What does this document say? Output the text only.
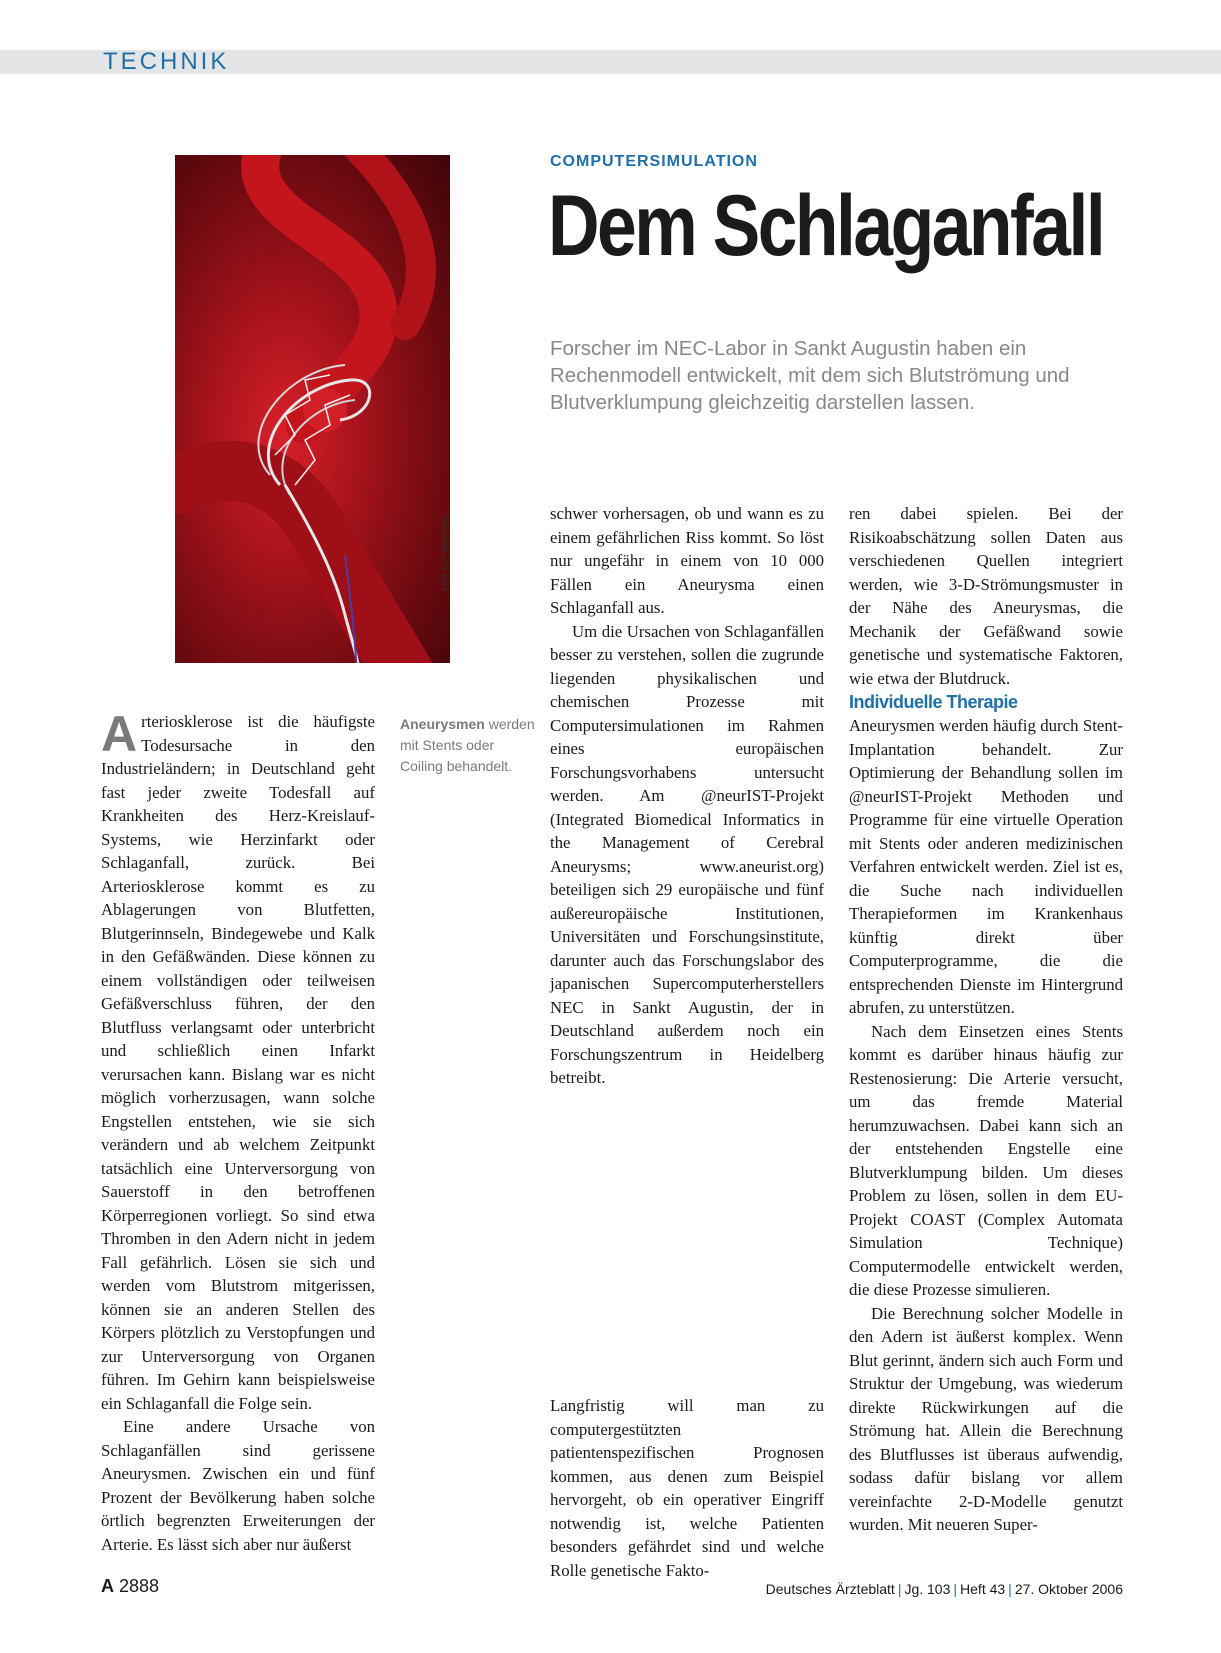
TECHNIK
Foto: UPF Barcelona
Aneurysmen werden mit Stents oder Coiling behandelt.
COMPUTERSIMULATION
Dem Schlaganfall
Forscher im NEC-Labor in Sankt Augustin haben ein Rechenmodell entwickelt, mit dem sich Blutströmung und Blutverklumpung gleichzeitig darstellen lassen.

Arteriosklerose ist die häufigste Todesursache in den Industrieländern; in Deutschland geht fast jeder zweite Todesfall auf Krankheiten des Herz-Kreislauf-Systems, wie Herzinfarkt oder Schlaganfall, zurück. Bei Arteriosklerose kommt es zu Ablagerungen von Blutfetten, Blutgerinnseln, Bindegewebe und Kalk in den Gefäßwänden. Diese können zu einem vollständigen oder teilweisen Gefäßverschluss führen, der den Blutfluss verlangsamt oder unterbricht und schließlich einen Infarkt verursachen kann. Bislang war es nicht möglich vorherzusagen, wann solche Engstellen entstehen, wie sie sich verändern und ab welchem Zeitpunkt tatsächlich eine Unterversorgung von Sauerstoff in den betroffenen Körperregionen vorliegt. So sind etwa Thromben in den Adern nicht in jedem Fall gefährlich. Lösen sie sich und werden vom Blutstrom mitgerissen, können sie an anderen Stellen des Körpers plötzlich zu Verstopfungen und zur Unterversorgung von Organen führen. Im Gehirn kann beispielsweise ein Schlaganfall die Folge sein.

Eine andere Ursache von Schlaganfällen sind gerissene Aneurysmen. Zwischen ein und fünf Prozent der Bevölkerung haben solche örtlich begrenzten Erweiterungen der Arterie. Es lässt sich aber nur äußerst

schwer vorhersagen, ob und wann es zu einem gefährlichen Riss kommt. So löst nur ungefähr in einem von 10 000 Fällen ein Aneurysma einen Schlaganfall aus.

Um die Ursachen von Schlaganfällen besser zu verstehen, sollen die zugrunde liegenden physikalischen und chemischen Prozesse mit Computersimulationen im Rahmen eines europäischen Forschungsvorhabens untersucht werden. Am @neurIST-Projekt (Integrated Biomedical Informatics in the Management of Cerebral Aneurysms; www.aneurist.org) beteiligen sich 29 europäische und fünf außereuropäische Institutionen, Universitäten und Forschungsinstitute, darunter auch das Forschungslabor des japanischen Supercomputerherstellers NEC in Sankt Augustin, der in Deutschland außerdem noch ein Forschungszentrum in Heidelberg betreibt.

Langfristig will man zu computergestützten patientenspezifischen Prognosen kommen, aus denen zum Beispiel hervorgeht, ob ein operativer Eingriff notwendig ist, welche Patienten besonders gefährdet sind und welche Rolle genetische Fakto-

ren dabei spielen. Bei der Risikoabschätzung sollen Daten aus verschiedenen Quellen integriert werden, wie 3-D-Strömungsmuster in der Nähe des Aneurysmas, die Mechanik der Gefäßwand sowie genetische und systematische Faktoren, wie etwa der Blutdruck.

Individuelle Therapie

Aneurysmen werden häufig durch Stent-Implantation behandelt. Zur Optimierung der Behandlung sollen im @neurIST-Projekt Methoden und Programme für eine virtuelle Operation mit Stents oder anderen medizinischen Verfahren entwickelt werden. Ziel ist es, die Suche nach individuellen Therapieformen im Krankenhaus künftig direkt über Computerprogramme, die die entsprechenden Dienste im Hintergrund abrufen, zu unterstützen.

Nach dem Einsetzen eines Stents kommt es darüber hinaus häufig zur Restenosierung: Die Arterie versucht, um das fremde Material herumzuwachsen. Dabei kann sich an der entstehenden Engstelle eine Blutverklumpung bilden. Um dieses Problem zu lösen, sollen in dem EU-Projekt COAST (Complex Automata Simulation Technique) Computermodelle entwickelt werden, die diese Prozesse simulieren.

Die Berechnung solcher Modelle in den Adern ist äußerst komplex. Wenn Blut gerinnt, ändern sich auch Form und Struktur der Umgebung, was wiederum direkte Rückwirkungen auf die Strömung hat. Allein die Berechnung des Blutflusses ist überaus aufwendig, sodass dafür bislang vor allem vereinfachte 2-D-Modelle genutzt wurden. Mit neueren Super-

A 2888	Deutsches Ärzteblatt | Jg. 103 | Heft 43 | 27. Oktober 2006
